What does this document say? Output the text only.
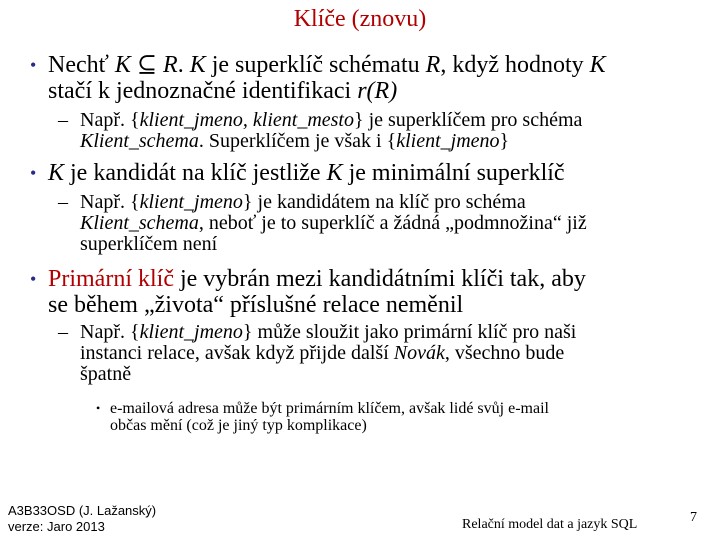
Klíče (znovu)
• Nechť K ⊆ R. K je superklíč schématu R, když hodnoty K
stačí k jednoznačné identifikaci r(R)
– Např. {klient_jmeno, klient_mesto} je superklíčem pro schéma
Klient_schema. Superklíčem je však i {klient_jmeno}
• K je kandidát na klíč jestliže K je minimální superklíč
– Např. {klient_jmeno} je kandidátem na klíč pro schéma
Klient_schema, neboť je to superklíč a žádná „podmnožina“ již
superklíčem není
• Primární klíč je vybrán mezi kandidátními klíči tak, aby
se během „života“ příslušné relace neměnil
– Např. {klient_jmeno} může sloužit jako primární klíč pro naši
instanci relace, avšak když přijde další Novák, všechno bude
špatně
• e-mailová adresa může být primárním klíčem, avšak lidé svůj e-mail
občas mění (což je jiný typ komplikace)
A3B33OSD (J. Lažanský)
verze: Jaro 2013	Relační model dat a jazyk SQL	7
